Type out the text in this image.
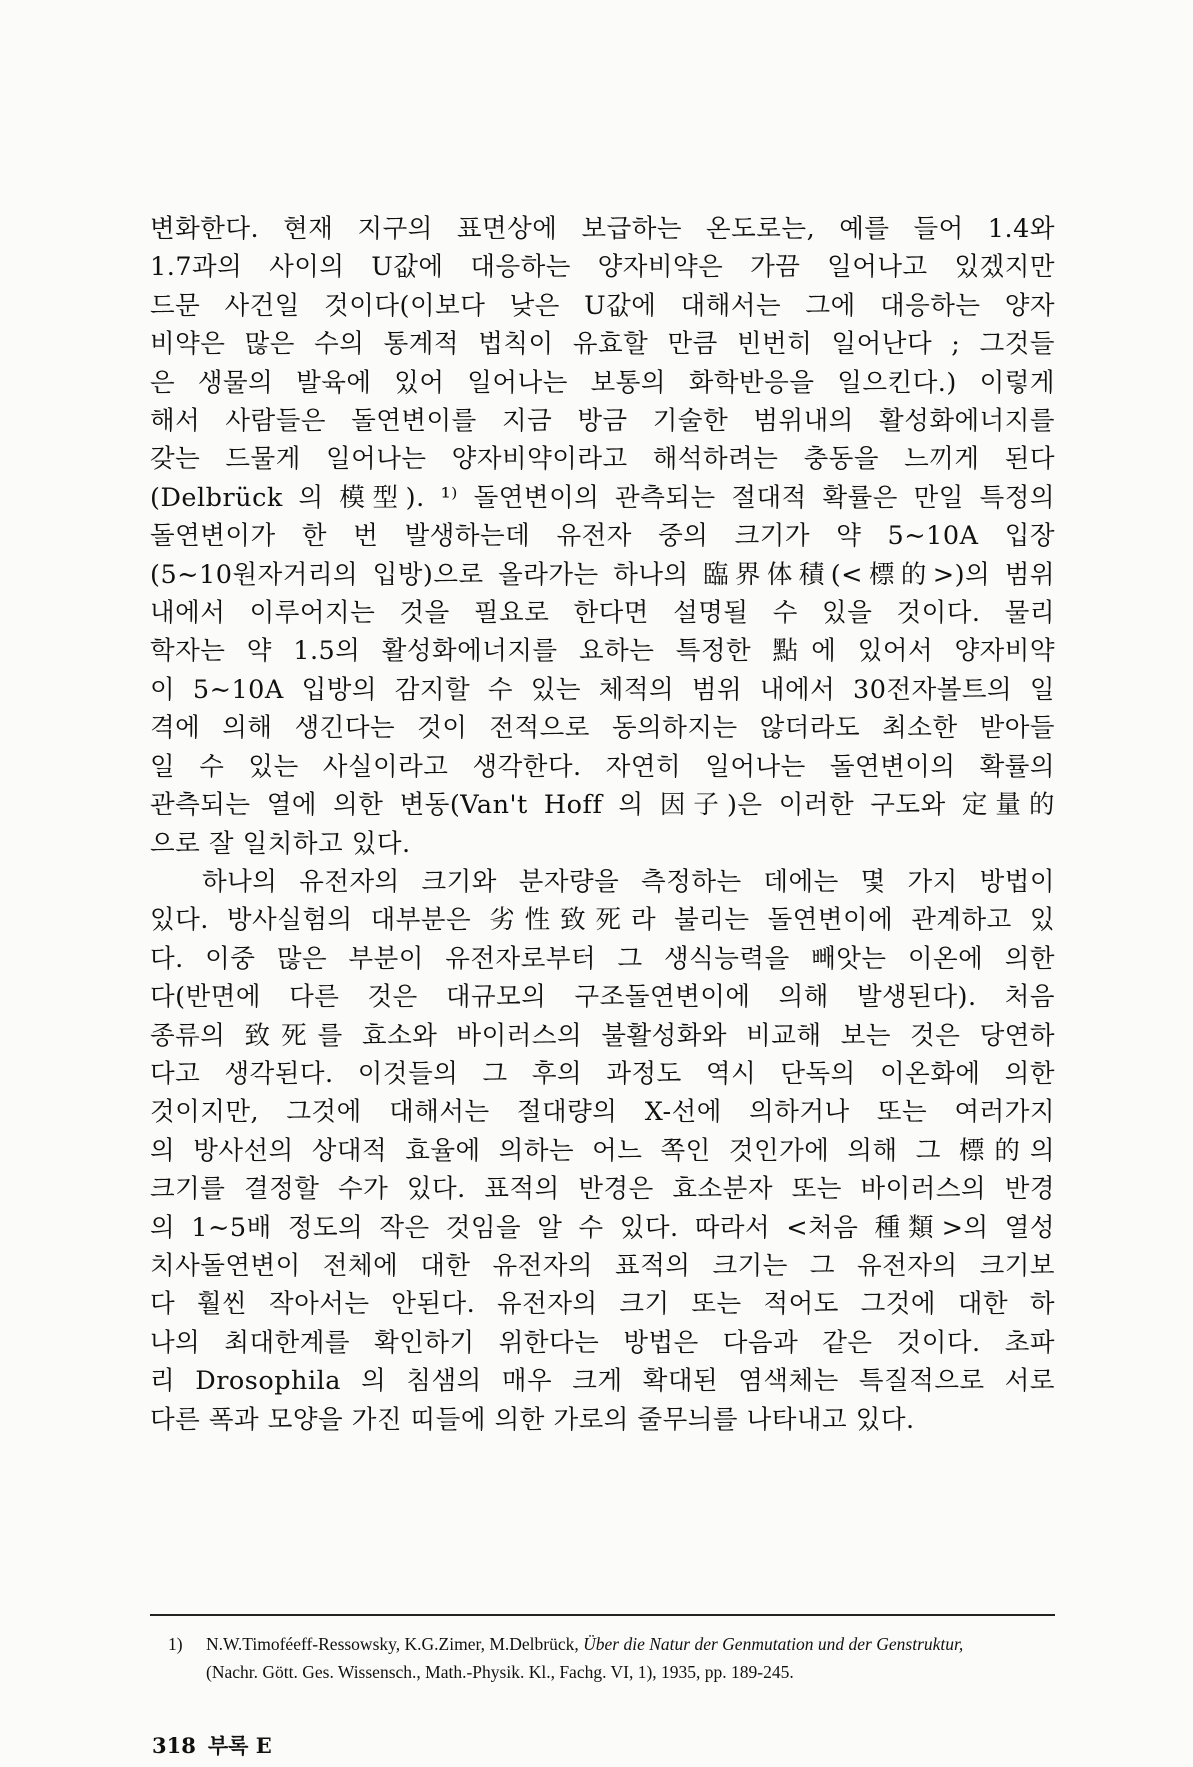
변화한다. 현재 지구의 표면상에 보급하는 온도로는, 예를 들어 1.4와
1.7과의 사이의 U값에 대응하는 양자비약은 가끔 일어나고 있겠지만
드문 사건일 것이다(이보다 낮은 U값에 대해서는 그에 대응하는 양자
비약은 많은 수의 통계적 법칙이 유효할 만큼 빈번히 일어난다 ; 그것들
은 생물의 발육에 있어 일어나는 보통의 화학반응을 일으킨다.) 이렇게
해서 사람들은 돌연변이를 지금 방금 기술한 범위내의 활성화에너지를
갖는 드물게 일어나는 양자비약이라고 해석하려는 충동을 느끼게 된다
(Delbrück 의 模型). ¹⁾ 돌연변이의 관측되는 절대적 확률은 만일 특정의
돌연변이가 한 번 발생하는데 유전자 중의 크기가 약 5∼10A 입장
(5∼10원자거리의 입방)으로 올라가는 하나의 臨界体積(<標的>)의 범위
내에서 이루어지는 것을 필요로 한다면 설명될 수 있을 것이다. 물리
학자는 약 1.5의 활성화에너지를 요하는 특정한 點에 있어서 양자비약
이 5∼10A 입방의 감지할 수 있는 체적의 범위 내에서 30전자볼트의 일
격에 의해 생긴다는 것이 전적으로 동의하지는 않더라도 최소한 받아들
일 수 있는 사실이라고 생각한다. 자연히 일어나는 돌연변이의 확률의
관측되는 열에 의한 변동(Van't Hoff 의 因子)은 이러한 구도와 定量的
으로 잘 일치하고 있다.
하나의 유전자의 크기와 분자량을 측정하는 데에는 몇 가지 방법이
있다. 방사실험의 대부분은 劣性致死라 불리는 돌연변이에 관계하고 있
다. 이중 많은 부분이 유전자로부터 그 생식능력을 빼앗는 이온에 의한
다(반면에 다른 것은 대규모의 구조돌연변이에 의해 발생된다). 처음
종류의 致死를 효소와 바이러스의 불활성화와 비교해 보는 것은 당연하
다고 생각된다. 이것들의 그 후의 과정도 역시 단독의 이온화에 의한
것이지만, 그것에 대해서는 절대량의 X-선에 의하거나 또는 여러가지
의 방사선의 상대적 효율에 의하는 어느 쪽인 것인가에 의해 그 標的의
크기를 결정할 수가 있다. 표적의 반경은 효소분자 또는 바이러스의 반경
의 1∼5배 정도의 작은 것임을 알 수 있다. 따라서 <처음 種類>의 열성
치사돌연변이 전체에 대한 유전자의 표적의 크기는 그 유전자의 크기보
다 훨씬 작아서는 안된다. 유전자의 크기 또는 적어도 그것에 대한 하
나의 최대한계를 확인하기 위한다는 방법은 다음과 같은 것이다. 초파
리 Drosophila 의 침샘의 매우 크게 확대된 염색체는 특질적으로 서로
다른 폭과 모양을 가진 띠들에 의한 가로의 줄무늬를 나타내고 있다.
1) N.W.Timoféeff-Ressowsky, K.G.Zimer, M.Delbrück, Über die Natur der Genmutation und der Genstruktur,
(Nachr. Gött. Ges. Wissensch., Math.-Physik. Kl., Fachg. VI, 1), 1935, pp. 189-245.
318 부록 E
